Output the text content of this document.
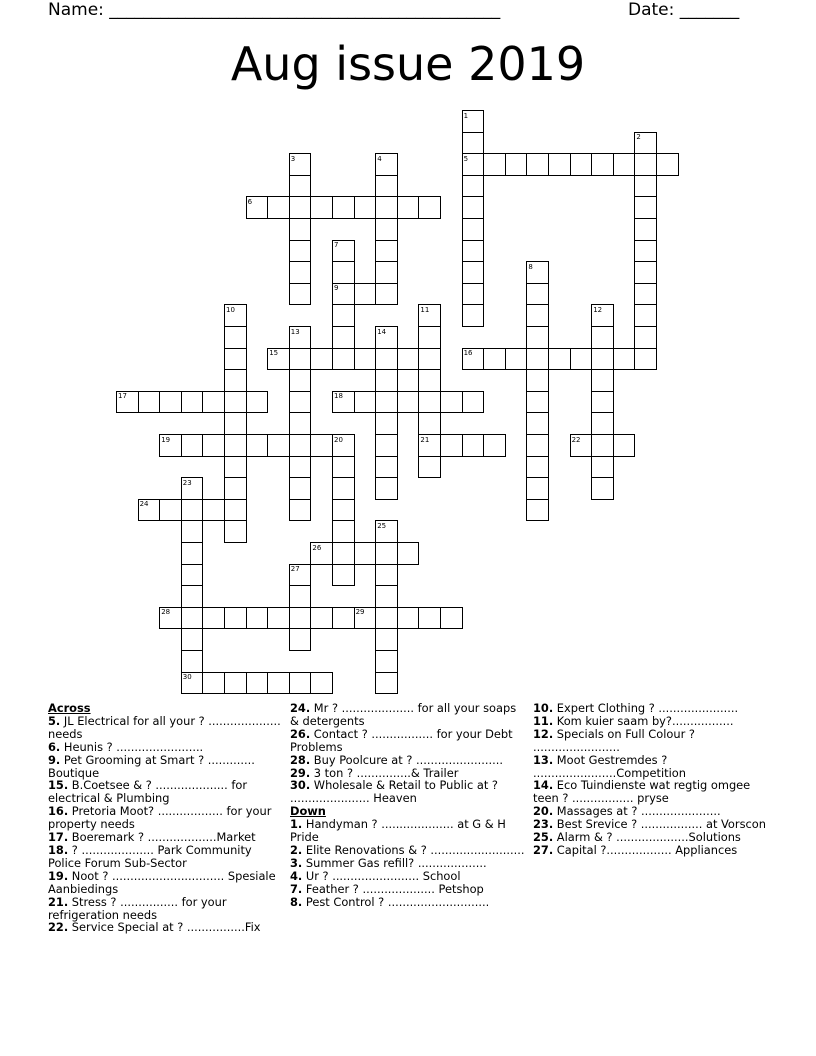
Name: ______________________________________________	Date: _______
Aug issue 2019
5
6
9
15	16
17	18
19	21	22
24
26
28	29
30
1
2
3	4
7
8
10	11	12
13	14
20
23
25
27
Across
5. JL Electrical for all your ? .................... needs
6. Heunis ? ........................
9. Pet Grooming at Smart ? ............. Boutique
15. B.Coetsee & ? .................... for electrical & Plumbing
16. Pretoria Moot? .................. for your property needs
17. Boeremark ? ...................Market
18. ? .................... Park Community Police Forum Sub-Sector
19. Noot ? ............................... Spesiale Aanbiedings
21. Stress ? ................ for your refrigeration needs
22. Service Special at ? ................Fix
24. Mr ? .................... for all your soaps & detergents
26. Contact ? ................. for your Debt Problems
28. Buy Poolcure at ? ........................
29. 3 ton ? ...............& Trailer
30. Wholesale & Retail to Public at ? ...................... Heaven
Down
1. Handyman ? .................... at G & H Pride
2. Elite Renovations & ? ..........................
3. Summer Gas refill? ...................
4. Ur ? ........................ School
7. Feather ? .................... Petshop
8. Pest Control ? ............................
10. Expert Clothing ? ......................
11. Kom kuier saam by?.................
12. Specials on Full Colour ? ........................
13. Moot Gestremdes ? .......................Competition
14. Eco Tuindienste wat regtig omgee teen ? ................. pryse
20. Massages at ? ......................
23. Best Srevice ? ................. at Vorscon
25. Alarm & ? ....................Solutions
27. Capital ?.................. Appliances
